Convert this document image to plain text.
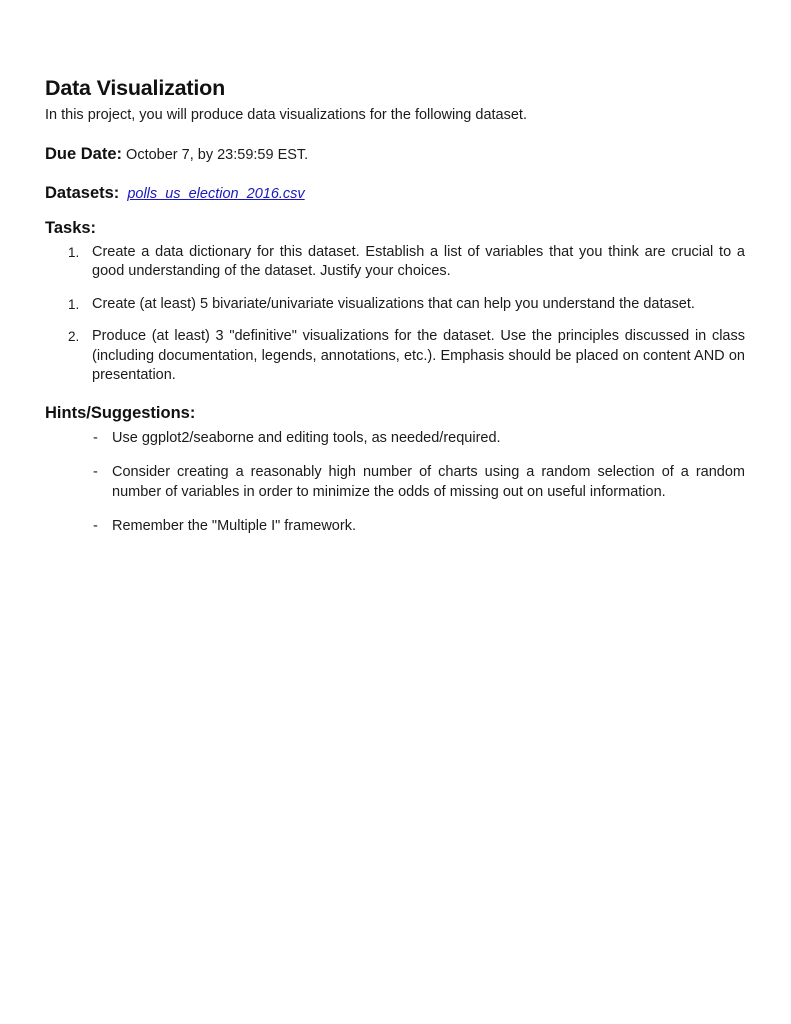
Data Visualization

In this project, you will produce data visualizations for the following dataset.

Due Date: October 7, by 23:59:59 EST.
Datasets: polls_us_election_2016.csv
Tasks:
1. Create a data dictionary for this dataset. Establish a list of variables that you think are crucial to a good understanding of the dataset. Justify your choices.
1. Create (at least) 5 bivariate/univariate visualizations that can help you understand the dataset.
2. Produce (at least) 3 "definitive" visualizations for the dataset. Use the principles discussed in class (including documentation, legends, annotations, etc.). Emphasis should be placed on content AND on presentation.
Hints/Suggestions:
- Use ggplot2/seaborne and editing tools, as needed/required.
- Consider creating a reasonably high number of charts using a random selection of a random number of variables in order to minimize the odds of missing out on useful information.
- Remember the "Multiple I" framework.
